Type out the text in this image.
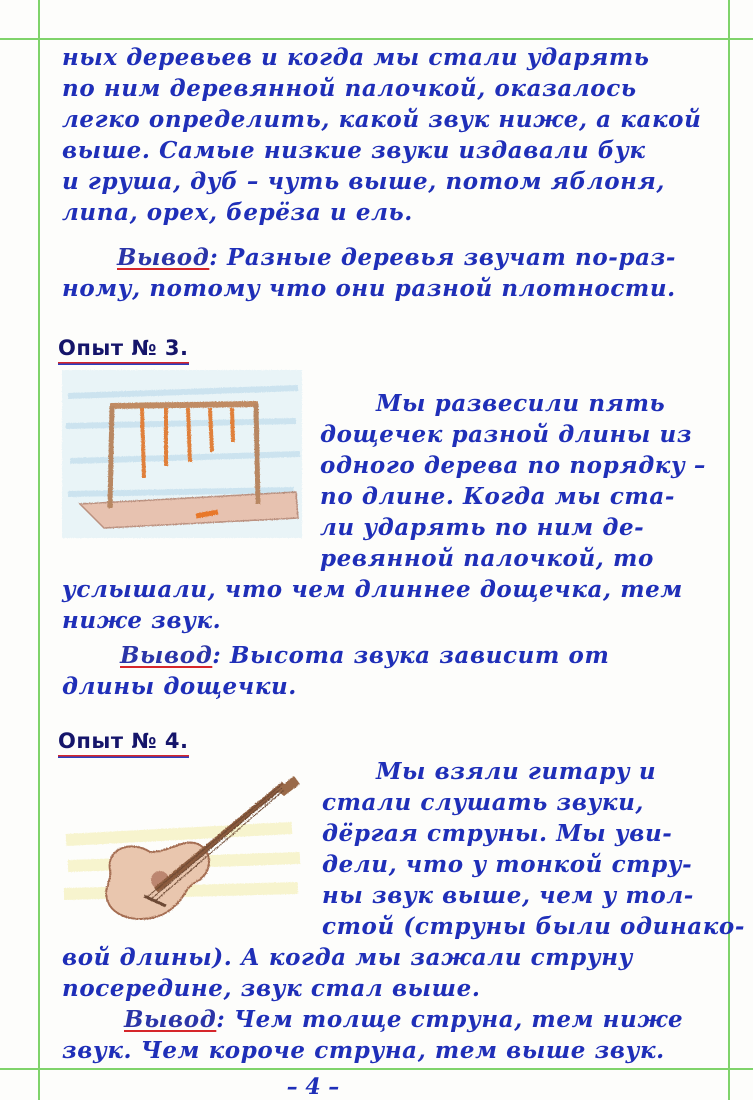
ных деревьев и когда мы стали ударять
по ним деревянной палочкой, оказалось
легко определить, какой звук ниже, а какой
выше. Самые низкие звуки издавали бук
и груша, дуб – чуть выше, потом яблоня,
липа, орех, берёза и ель.
Вывод: Разные деревья звучат по-раз-
ному, потому что они разной плотности.
Опыт № 3.
Мы развесили пять
дощечек разной длины из
одного дерева по порядку –
по длине. Когда мы ста-
ли ударять по ним де-
ревянной палочкой, то
услышали, что чем длиннее дощечка, тем
ниже звук.
Вывод: Высота звука зависит от
длины дощечки.
Опыт № 4.
Мы взяли гитару и
стали слушать звуки,
дёргая струны. Мы уви-
дели, что у тонкой стру-
ны звук выше, чем у тол-
стой (струны были одинако-
вой длины). А когда мы зажали струну
посередине, звук стал выше.
Вывод: Чем толще струна, тем ниже
звук. Чем короче струна, тем выше звук.
– 4 –
